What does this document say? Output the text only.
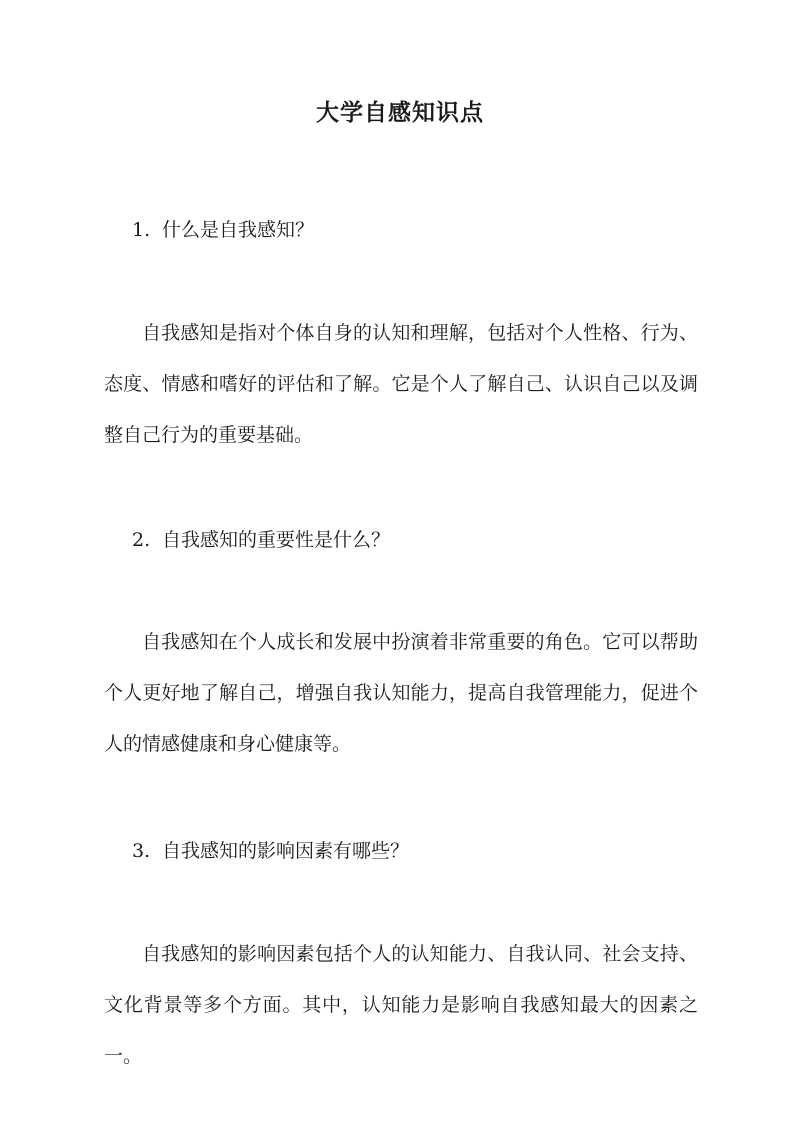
大学自感知识点
1. 什么是自我感知？
自我感知是指对个体自身的认知和理解，包括对个人性格、行为、态度、情感和嗜好的评估和了解。它是个人了解自己、认识自己以及调整自己行为的重要基础。
2. 自我感知的重要性是什么？
自我感知在个人成长和发展中扮演着非常重要的角色。它可以帮助个人更好地了解自己，增强自我认知能力，提高自我管理能力，促进个人的情感健康和身心健康等。
3. 自我感知的影响因素有哪些？
自我感知的影响因素包括个人的认知能力、自我认同、社会支持、文化背景等多个方面。其中，认知能力是影响自我感知最大的因素之一。
